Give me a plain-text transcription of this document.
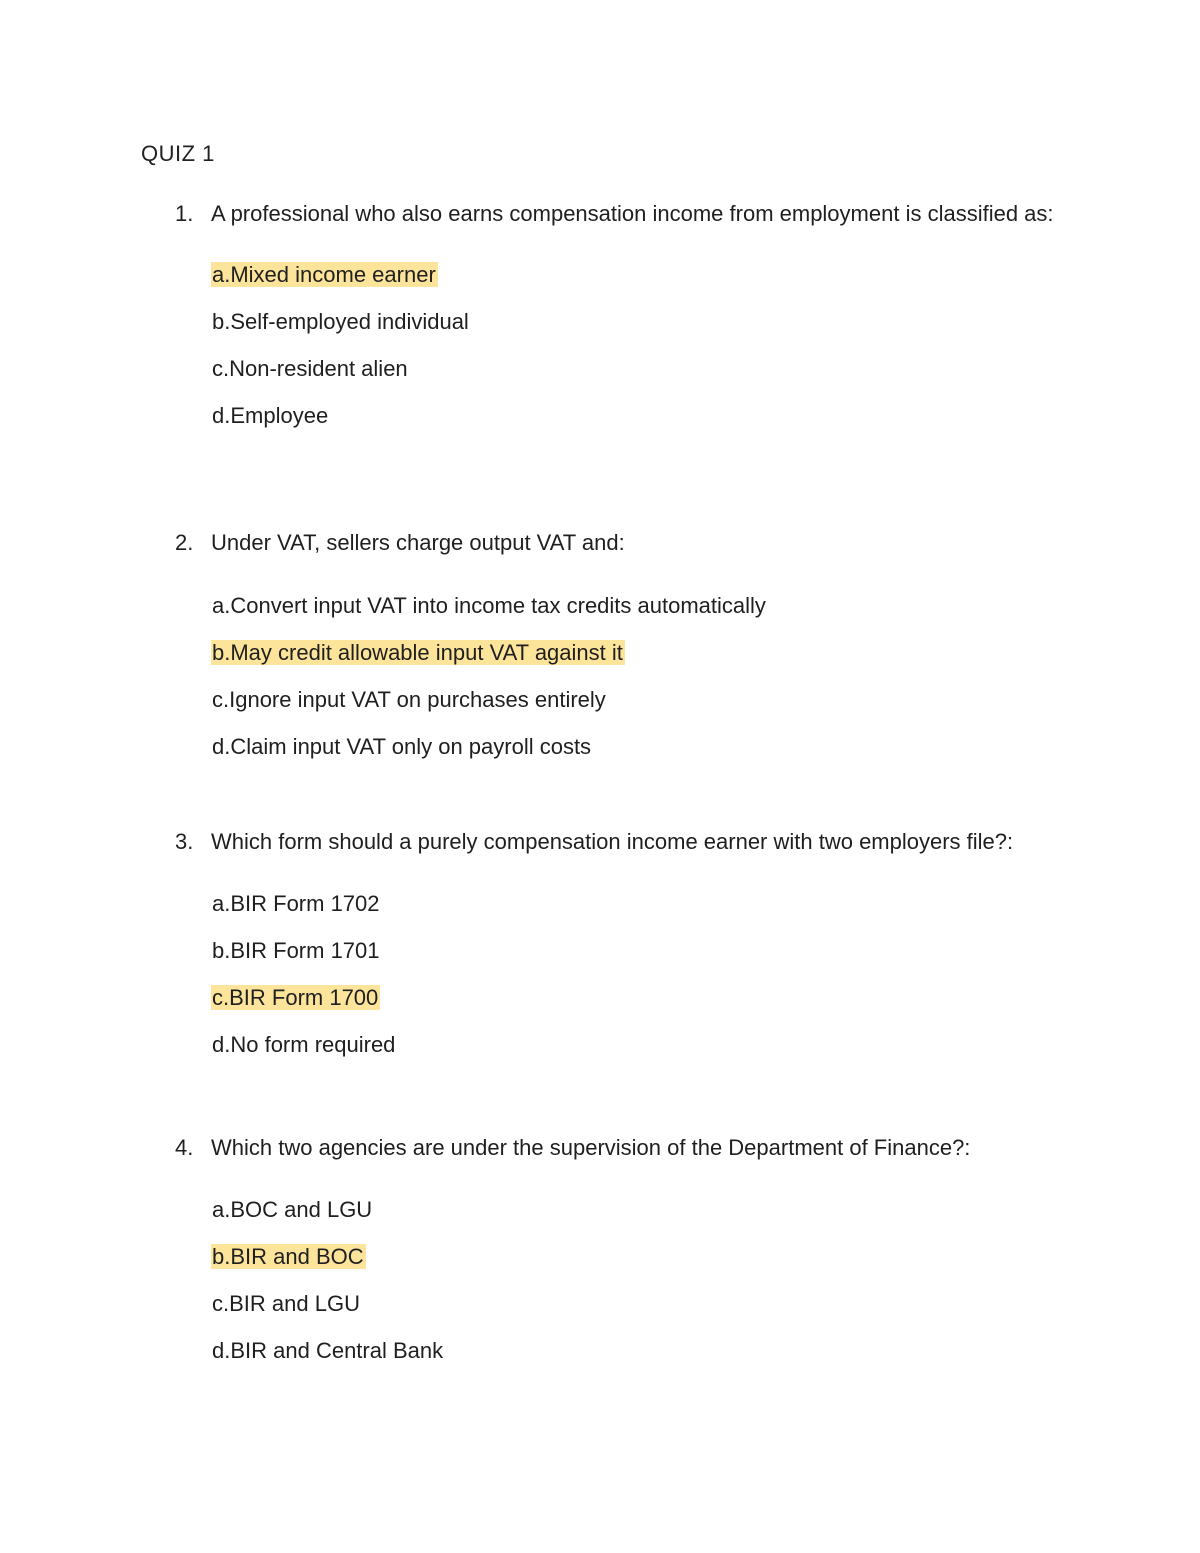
QUIZ 1
1. A professional who also earns compensation income from employment is classified as:
a.Mixed income earner
b.Self-employed individual
c.Non-resident alien
d.Employee
2. Under VAT, sellers charge output VAT and:
a.Convert input VAT into income tax credits automatically
b.May credit allowable input VAT against it
c.Ignore input VAT on purchases entirely
d.Claim input VAT only on payroll costs
3. Which form should a purely compensation income earner with two employers file?:
a.BIR Form 1702
b.BIR Form 1701
c.BIR Form 1700
d.No form required
4. Which two agencies are under the supervision of the Department of Finance?:
a.BOC and LGU
b.BIR and BOC
c.BIR and LGU
d.BIR and Central Bank
